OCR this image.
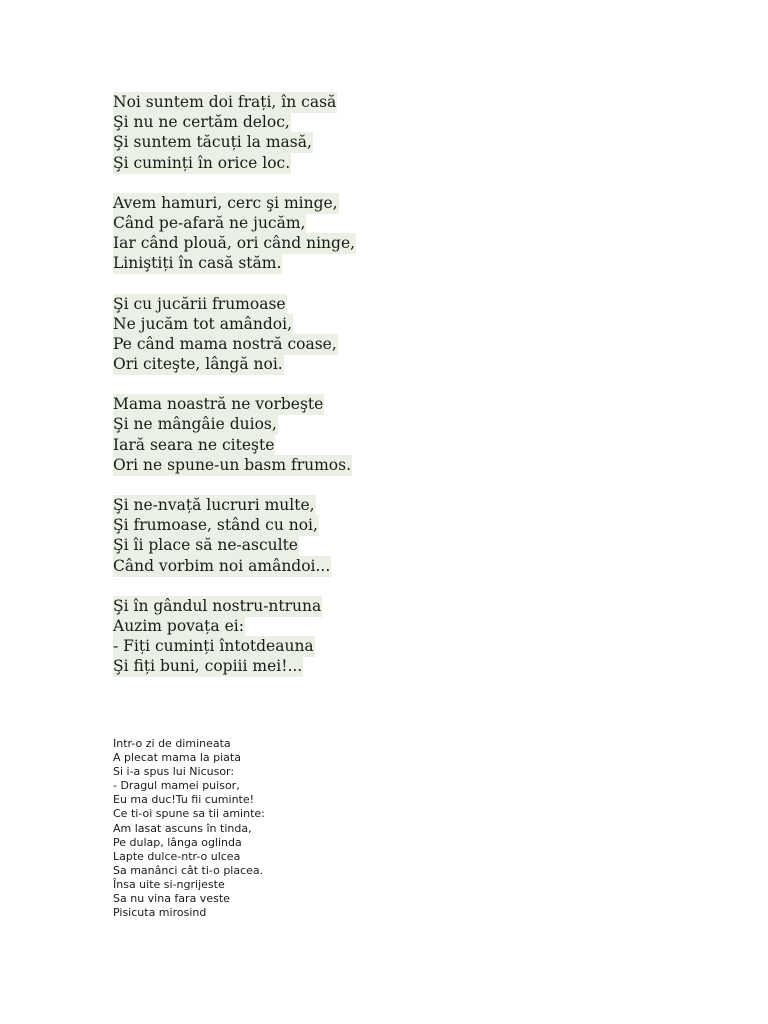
Noi suntem doi frați, în casă
Şi nu ne certăm deloc,
Şi suntem tăcuți la masă,
Şi cuminți în orice loc.
Avem hamuri, cerc şi minge,
Când pe-afară ne jucăm,
Iar când plouă, ori când ninge,
Liniştiți în casă stăm.
Şi cu jucării frumoase
Ne jucăm tot amândoi,
Pe când mama nostră coase,
Ori citeşte, lângă noi.
Mama noastră ne vorbeşte
Şi ne mângâie duios,
Iară seara ne citeşte
Ori ne spune-un basm frumos.
Şi ne-nvață lucruri multe,
Şi frumoase, stând cu noi,
Şi îi place să ne-asculte
Când vorbim noi amândoi...
Şi în gândul nostru-ntruna
Auzim povața ei:
- Fiți cuminți întotdeauna
Şi fiți buni, copiii mei!...
Intr-o zi de dimineata
A plecat mama la piata
Si i-a spus lui Nicusor:
- Dragul mamei puisor,
Eu ma duc!Tu fii cuminte!
Ce ti-oi spune sa tii aminte:
Am lasat ascuns în tinda,
Pe dulap, lânga oglinda
Lapte dulce-ntr-o ulcea
Sa manânci cât ti-o placea.
Însa uite si-ngrijeste
Sa nu vina fara veste
Pisicuta mirosind
